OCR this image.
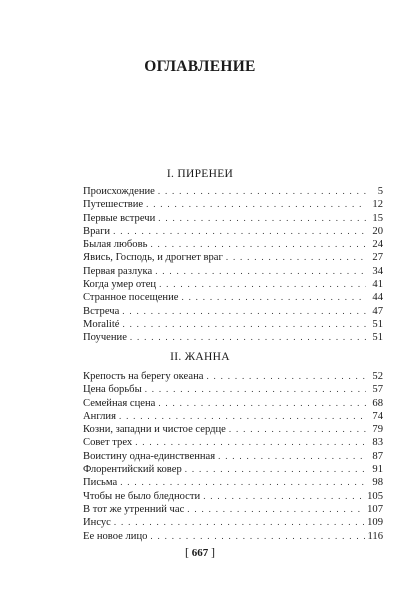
ОГЛАВЛЕНИЕ
I. ПИРЕНЕИ
Происхождение . . .	5
Путешествие . . .	12
Первые встречи . . .	15
Враги . . .	20
Былая любовь . . .	24
Явись, Господь, и дрогнет враг . . .	27
Первая разлука . . .	34
Когда умер отец . . .	41
Странное посещение . . .	44
Встреча . . .	47
Moralité . . .	51
Поучение . . .	51
II. ЖАННА
Крепость на берегу океана . . .	52
Цена борьбы . . .	57
Семейная сцена . . .	68
Англия . . .	74
Козни, западни и чистое сердце . . .	79
Совет трех . . .	83
Воистину одна-единственная . . .	87
Флорентийский ковер . . .	91
Письма . . .	98
Чтобы не было бледности . . .	105
В тот же утренний час . . .	107
Инсус . . .	109
Ее новое лицо . . .	116
[ 667 ]
